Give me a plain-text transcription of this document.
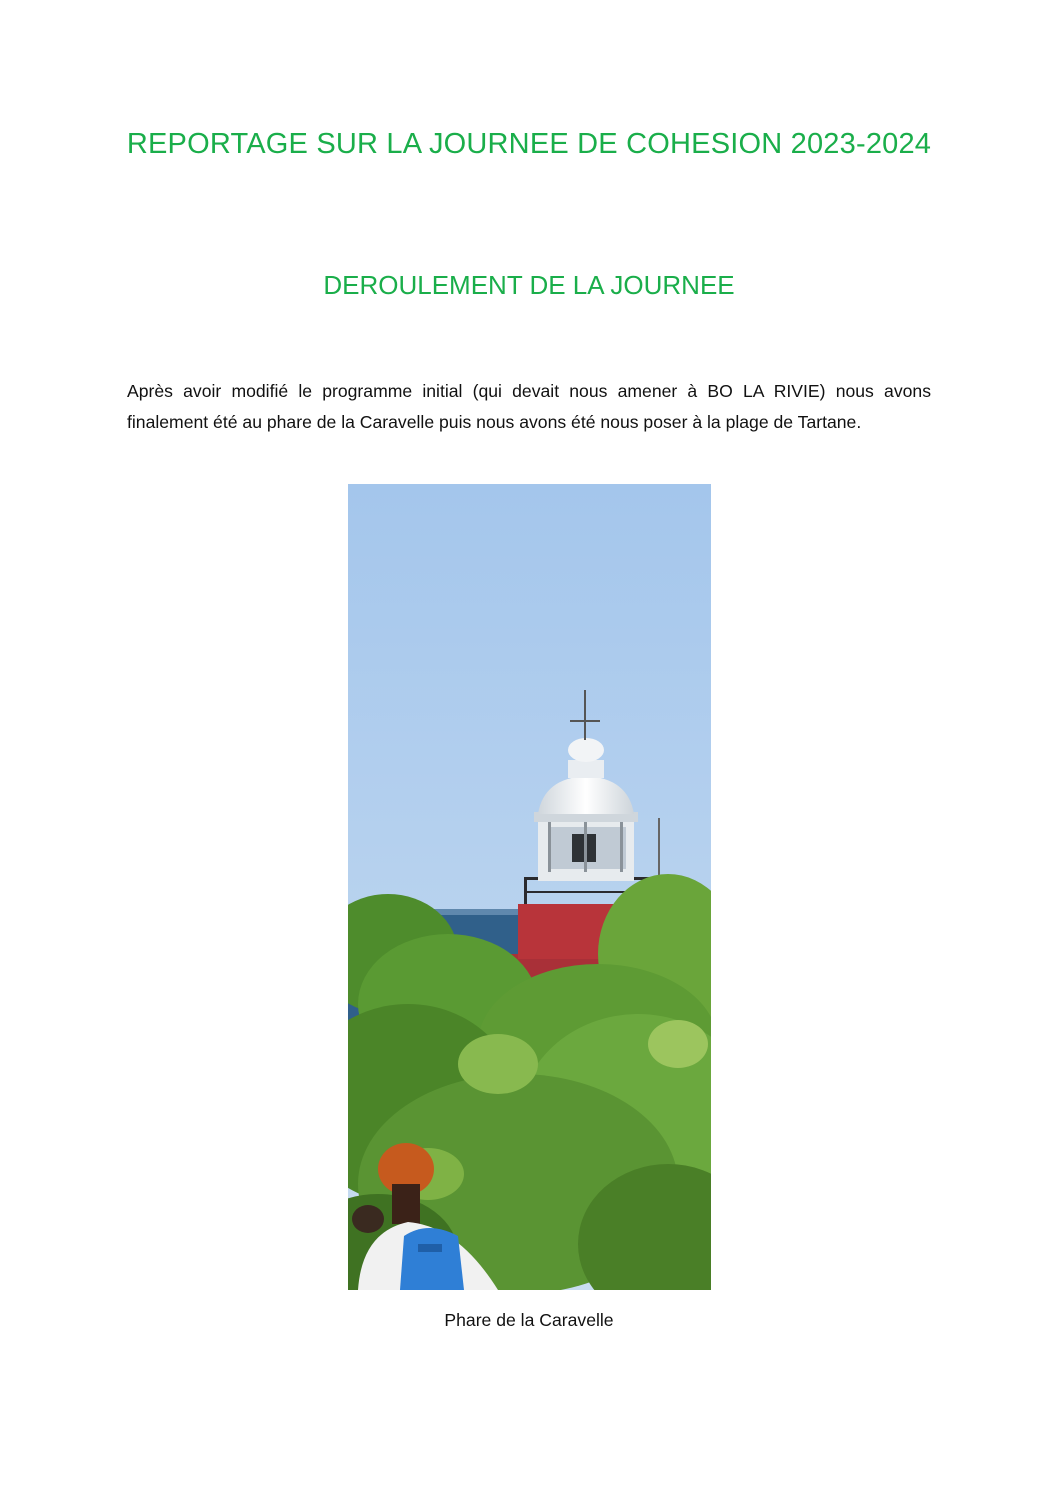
REPORTAGE SUR LA JOURNEE DE COHESION 2023-2024
DEROULEMENT DE LA JOURNEE

Après avoir modifié le programme initial (qui devait nous amener à BO LA RIVIE) nous avons finalement été au phare de la Caravelle puis nous avons été nous poser à la plage de Tartane.

Phare de la Caravelle
